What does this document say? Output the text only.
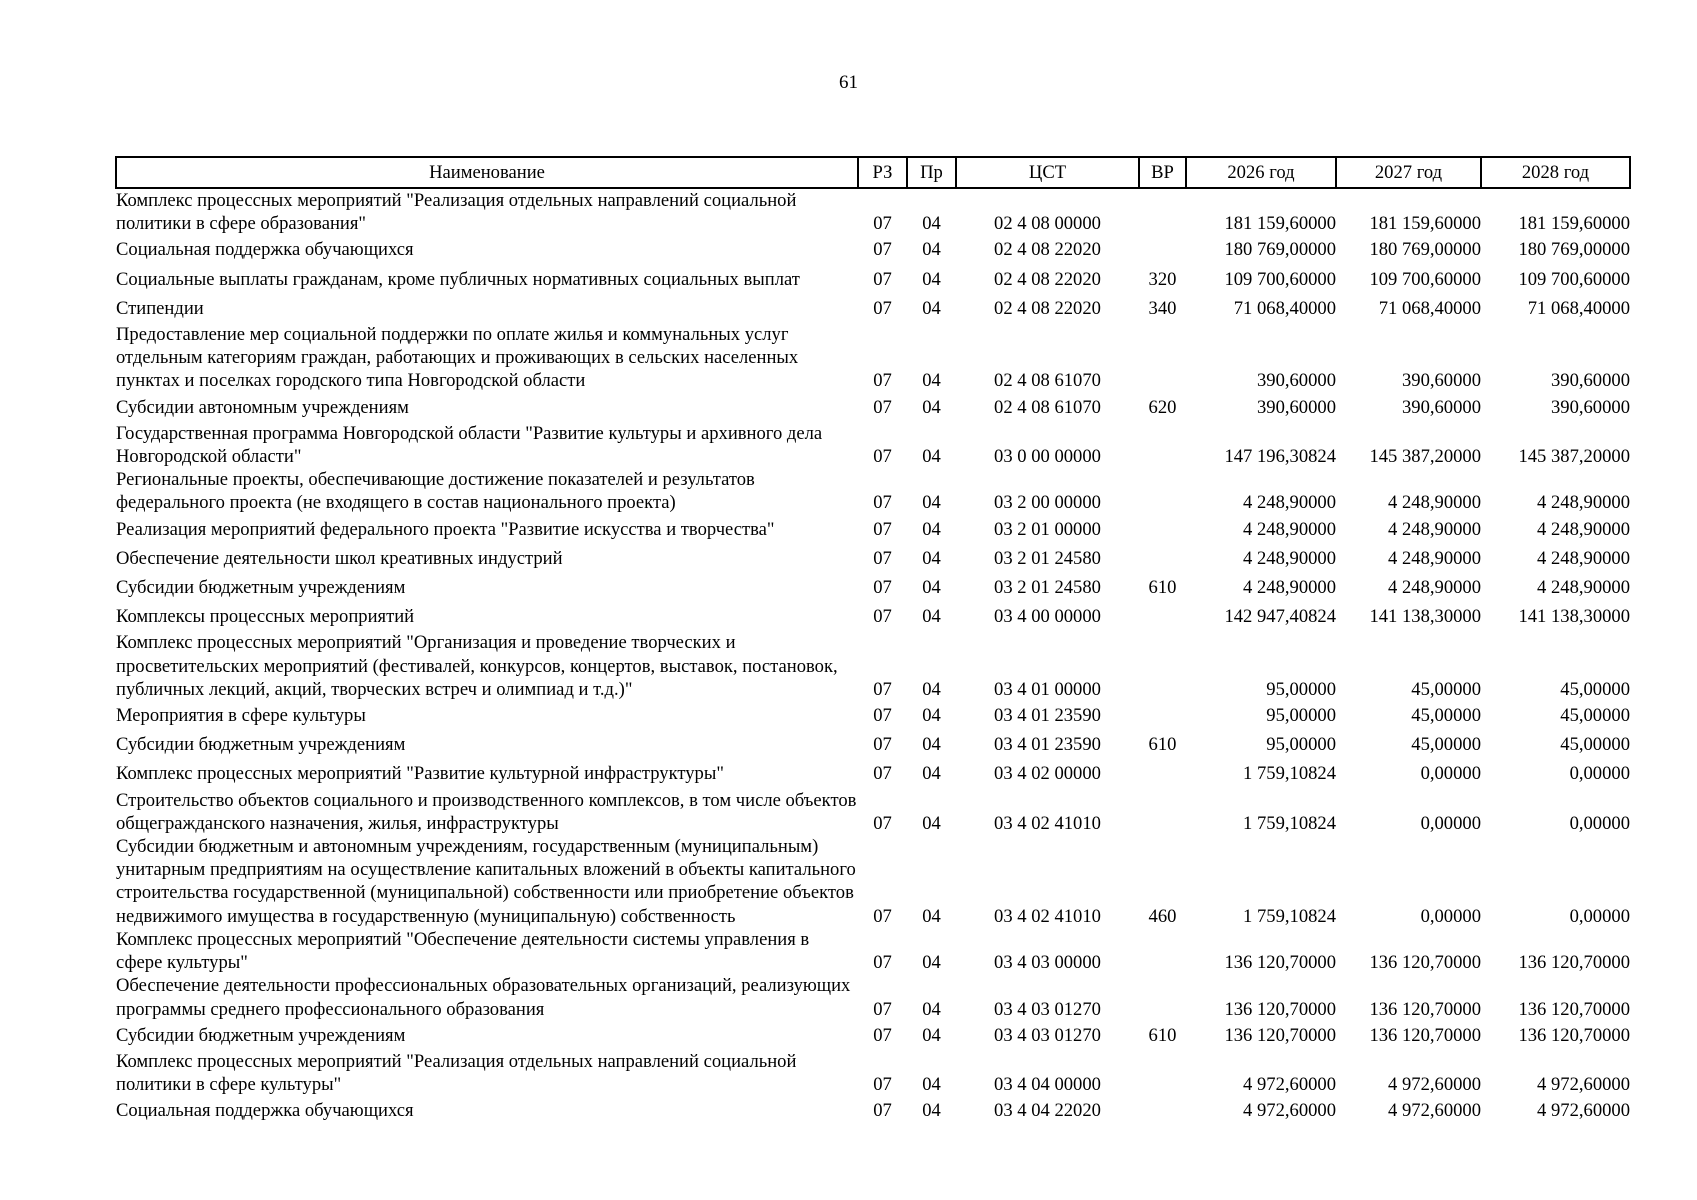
61
Наименование	РЗ	Пр	ЦСТ	ВР	2026 год	2027 год	2028 год
Комплекс процессных мероприятий "Реализация отдельных направлений социальной политики в сфере образования"	07	04	02 4 08 00000		181 159,60000	181 159,60000	181 159,60000
Социальная поддержка обучающихся	07	04	02 4 08 22020		180 769,00000	180 769,00000	180 769,00000
Социальные выплаты гражданам, кроме публичных нормативных социальных выплат	07	04	02 4 08 22020	320	109 700,60000	109 700,60000	109 700,60000
Стипендии	07	04	02 4 08 22020	340	71 068,40000	71 068,40000	71 068,40000
Предоставление мер социальной поддержки по оплате жилья и коммунальных услуг отдельным категориям граждан, работающих и проживающих в сельских населенных пунктах и поселках городского типа Новгородской области	07	04	02 4 08 61070		390,60000	390,60000	390,60000
Субсидии автономным учреждениям	07	04	02 4 08 61070	620	390,60000	390,60000	390,60000
Государственная программа Новгородской области "Развитие культуры и архивного дела Новгородской области"	07	04	03 0 00 00000		147 196,30824	145 387,20000	145 387,20000
Региональные проекты, обеспечивающие достижение показателей и результатов федерального проекта (не входящего в состав национального проекта)	07	04	03 2 00 00000		4 248,90000	4 248,90000	4 248,90000
Реализация мероприятий федерального проекта "Развитие искусства и творчества"	07	04	03 2 01 00000		4 248,90000	4 248,90000	4 248,90000
Обеспечение деятельности школ креативных индустрий	07	04	03 2 01 24580		4 248,90000	4 248,90000	4 248,90000
Субсидии бюджетным учреждениям	07	04	03 2 01 24580	610	4 248,90000	4 248,90000	4 248,90000
Комплексы процессных мероприятий	07	04	03 4 00 00000		142 947,40824	141 138,30000	141 138,30000
Комплекс процессных мероприятий "Организация и проведение творческих и просветительских мероприятий (фестивалей, конкурсов, концертов, выставок, постановок, публичных лекций, акций, творческих встреч и олимпиад и т.д.)"	07	04	03 4 01 00000		95,00000	45,00000	45,00000
Мероприятия в сфере культуры	07	04	03 4 01 23590		95,00000	45,00000	45,00000
Субсидии бюджетным учреждениям	07	04	03 4 01 23590	610	95,00000	45,00000	45,00000
Комплекс процессных мероприятий "Развитие культурной инфраструктуры"	07	04	03 4 02 00000		1 759,10824	0,00000	0,00000
Строительство объектов социального и производственного комплексов, в том числе объектов общегражданского назначения, жилья, инфраструктуры	07	04	03 4 02 41010		1 759,10824	0,00000	0,00000
Субсидии бюджетным и автономным учреждениям, государственным (муниципальным) унитарным предприятиям на осуществление капитальных вложений в объекты капитального строительства государственной (муниципальной) собственности или приобретение объектов недвижимого имущества в государственную (муниципальную) собственность	07	04	03 4 02 41010	460	1 759,10824	0,00000	0,00000
Комплекс процессных мероприятий "Обеспечение деятельности системы управления в сфере культуры"	07	04	03 4 03 00000		136 120,70000	136 120,70000	136 120,70000
Обеспечение деятельности профессиональных образовательных организаций, реализующих программы среднего профессионального образования	07	04	03 4 03 01270		136 120,70000	136 120,70000	136 120,70000
Субсидии бюджетным учреждениям	07	04	03 4 03 01270	610	136 120,70000	136 120,70000	136 120,70000
Комплекс процессных мероприятий "Реализация отдельных направлений социальной политики в сфере культуры"	07	04	03 4 04 00000		4 972,60000	4 972,60000	4 972,60000
Социальная поддержка обучающихся	07	04	03 4 04 22020		4 972,60000	4 972,60000	4 972,60000
